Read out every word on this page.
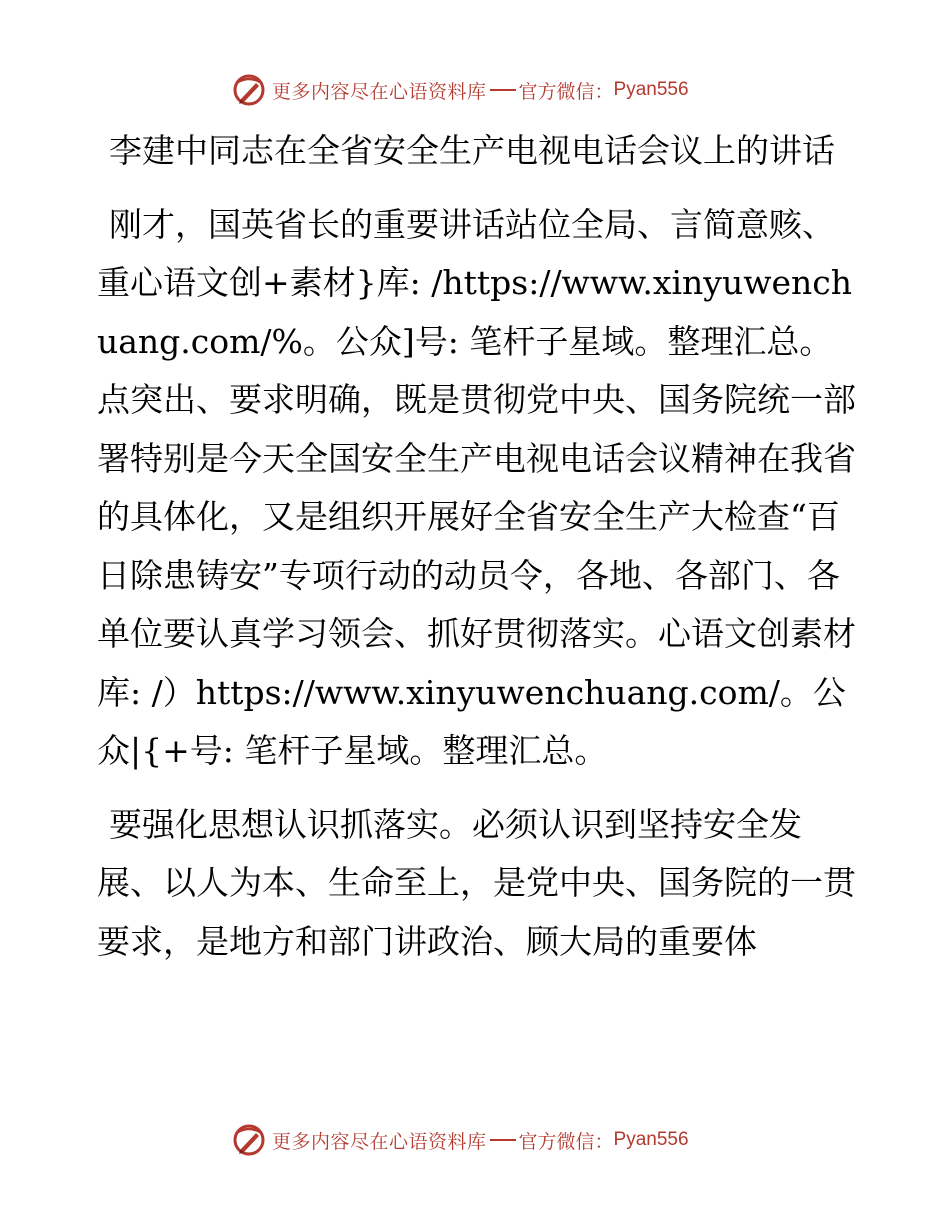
更多内容尽在心语资料库 官方微信： Pyan556

李建中同志在全省安全生产电视电话会议上的讲话

刚才，国英省长的重要讲话站位全局、言简意赅、重心语文创+素材}库: /https://www.xinyuwenchuang.com/%。公众]号: 笔杆子星域。整理汇总。点突出、要求明确，既是贯彻党中央、国务院统一部署特别是今天全国安全生产电视电话会议精神在我省的具体化，又是组织开展好全省安全生产大检查“百日除患铸安”专项行动的动员令，各地、各部门、各单位要认真学习领会、抓好贯彻落实。心语文创素材库: /）https://www.xinyuwenchuang.com/。公众|{+号: 笔杆子星域。整理汇总。

要强化思想认识抓落实。必须认识到坚持安全发展、以人为本、生命至上，是党中央、国务院的一贯要求，是地方和部门讲政治、顾大局的重要体

更多内容尽在心语资料库 官方微信： Pyan556
